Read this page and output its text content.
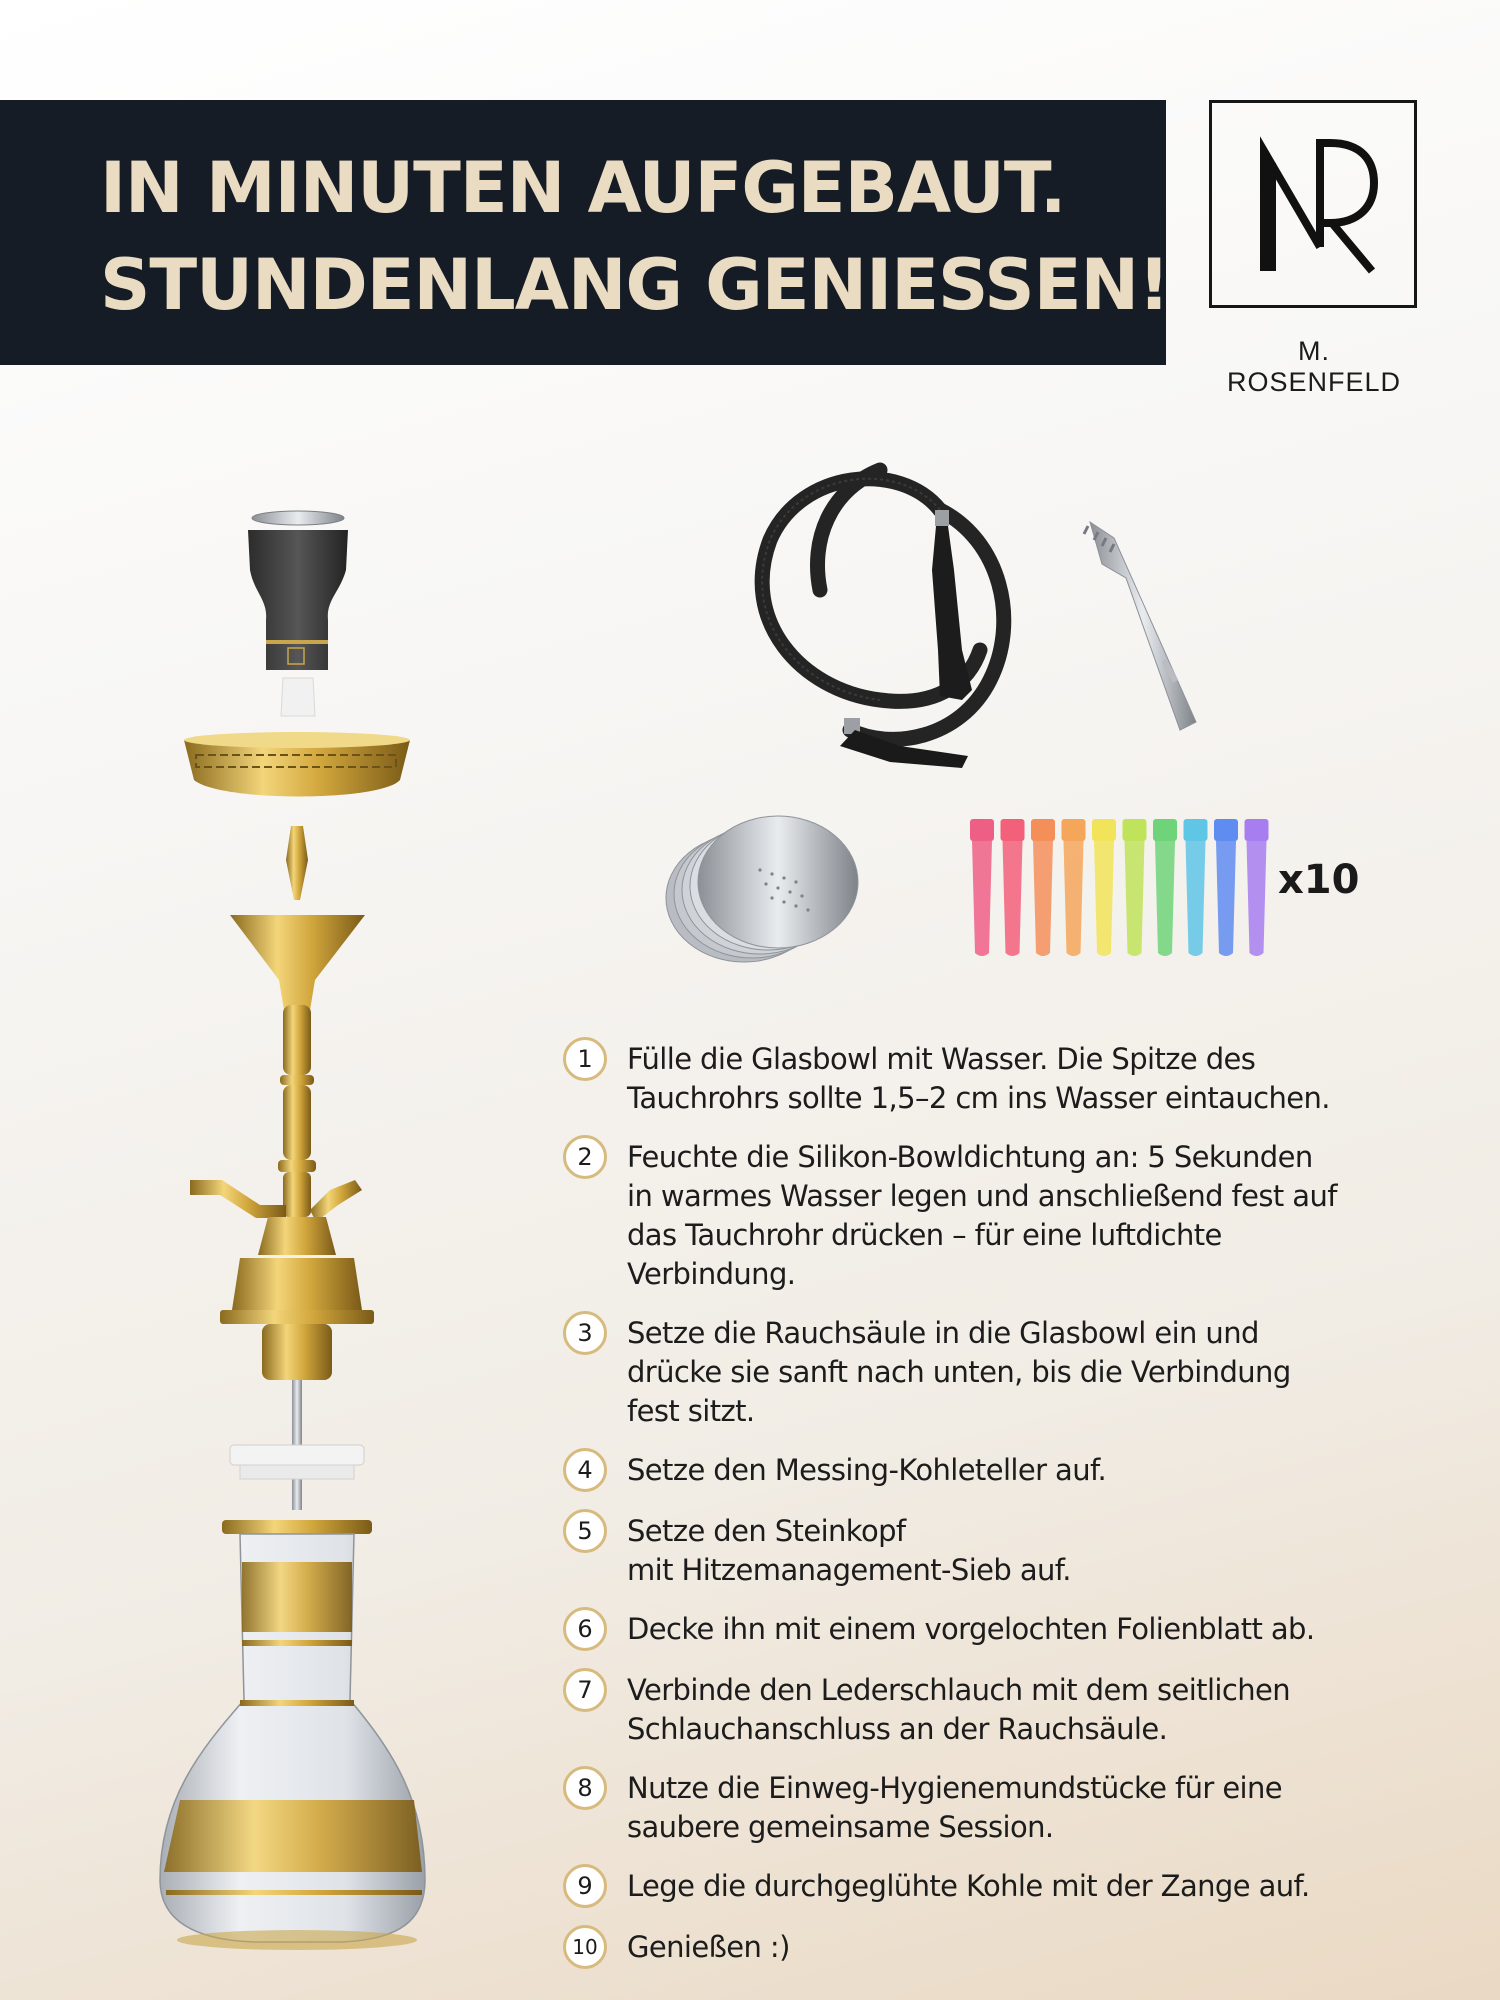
IN MINUTEN AUFGEBAUT.
STUNDENLANG GENIESSEN!
M. ROSENFELD
x10
1	Fülle die Glasbowl mit Wasser. Die Spitze des
Tauchrohrs sollte 1,5–2 cm ins Wasser eintauchen.
2	Feuchte die Silikon-Bowldichtung an: 5 Sekunden
in warmes Wasser legen und anschließend fest auf
das Tauchrohr drücken – für eine luftdichte
Verbindung.
3	Setze die Rauchsäule in die Glasbowl ein und
drücke sie sanft nach unten, bis die Verbindung
fest sitzt.
4	Setze den Messing-Kohleteller auf.
5	Setze den Steinkopf
mit Hitzemanagement-Sieb auf.
6	Decke ihn mit einem vorgelochten Folienblatt ab.
7	Verbinde den Lederschlauch mit dem seitlichen
Schlauchanschluss an der Rauchsäule.
8	Nutze die Einweg-Hygienemundstücke für eine
saubere gemeinsame Session.
9	Lege die durchgeglühte Kohle mit der Zange auf.
10	Genießen :)
